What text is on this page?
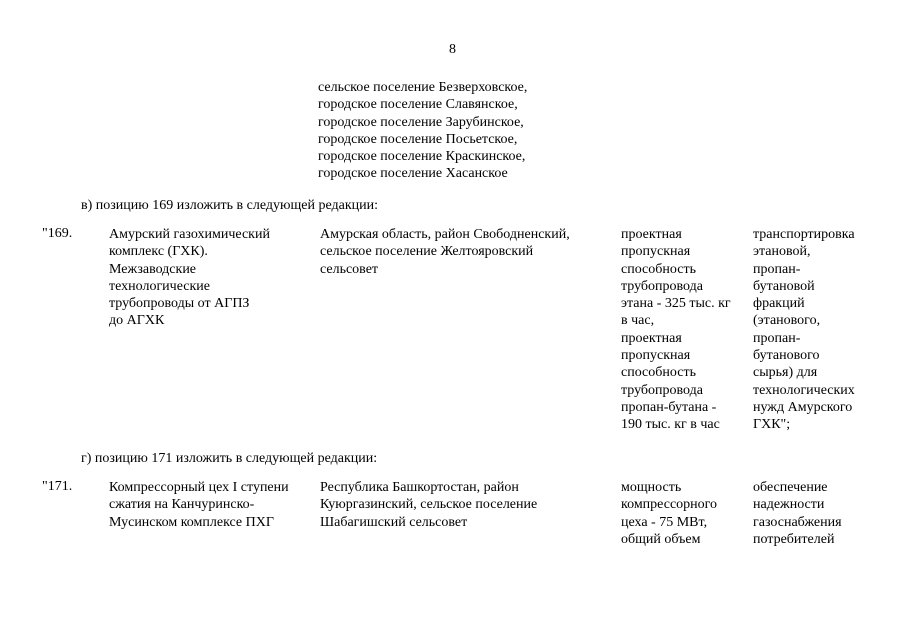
8
сельское поселение Безверховское,
городское поселение Славянское,
городское поселение Зарубинское,
городское поселение Посьетское,
городское поселение Краскинское,
городское поселение Хасанское
в) позицию 169 изложить в следующей редакции:
"169.	Амурский газохимический
комплекс (ГХК).
Межзаводские
технологические
трубопроводы от АГПЗ
до АГХК
Амурская область, район Свободненский,
сельское поселение Желтоярoвский
сельсовет
проектная
пропускная
способность
трубопровода
этана - 325 тыс. кг
в час,
проектная
пропускная
способность
трубопровода
пропан-бутана -
190 тыс. кг в час
транспортировка
этановой,
пропан-
бутановой
фракций
(этанового,
пропан-
бутанового
сырья) для
технологических
нужд Амурского
ГХК";
г) позицию 171 изложить в следующей редакции:
"171.	Компрессорный цех I ступени
сжатия на Канчуринско-
Мусинском комплексе ПХГ
Республика Башкортостан, район
Куюргазинский, сельское поселение
Шабагишский сельсовет
мощность
компрессорного
цеха - 75 МВт,
общий объем
обеспечение
надежности
газоснабжения
потребителей
